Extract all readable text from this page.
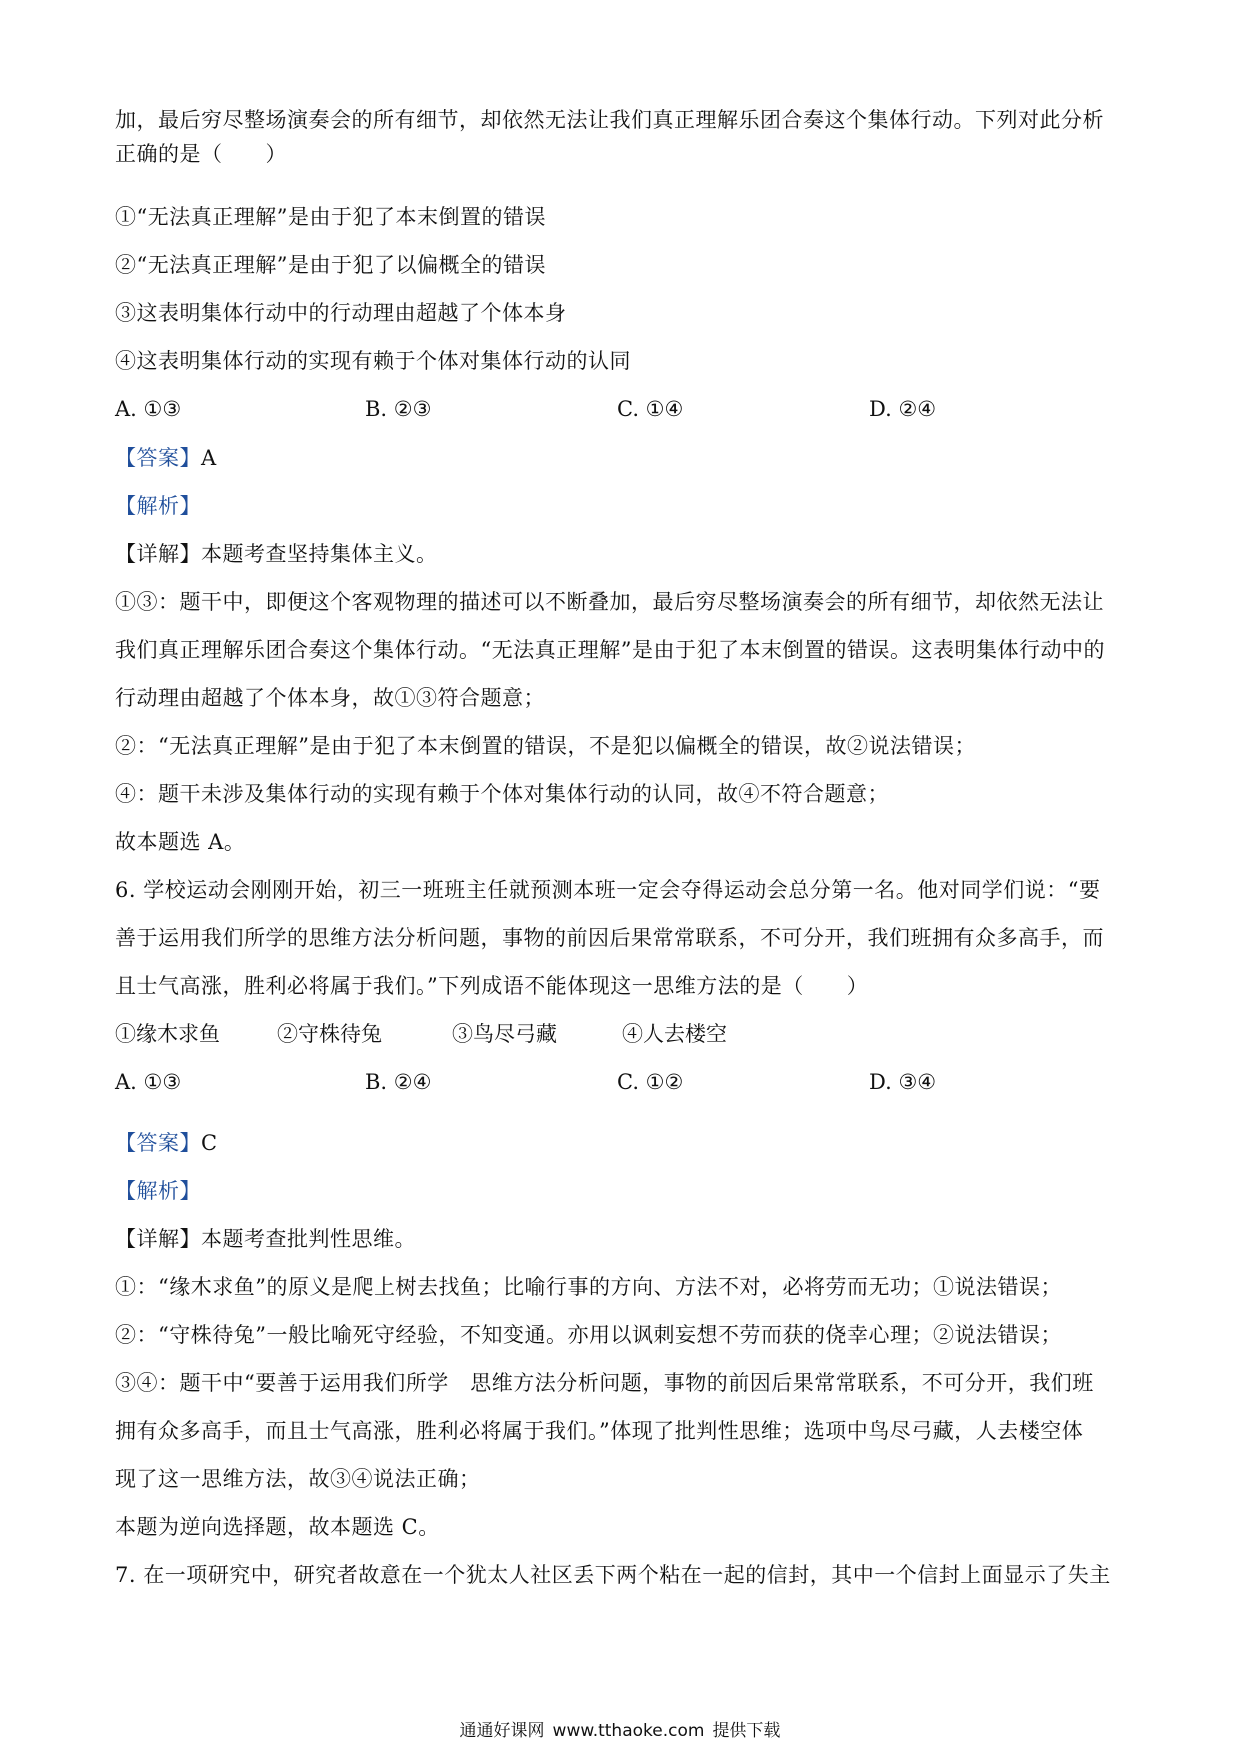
加，最后穷尽整场演奏会的所有细节，却依然无法让我们真正理解乐团合奏这个集体行动。下列对此分析
正确的是（　　）
①“无法真正理解”是由于犯了本末倒置的错误
②“无法真正理解”是由于犯了以偏概全的错误
③这表明集体行动中的行动理由超越了个体本身
④这表明集体行动的实现有赖于个体对集体行动的认同
A. ①③	B. ②③	C. ①④	D. ②④
【答案】A
【解析】
【详解】本题考查坚持集体主义。
①③：题干中，即便这个客观物理的描述可以不断叠加，最后穷尽整场演奏会的所有细节，却依然无法让
我们真正理解乐团合奏这个集体行动。“无法真正理解”是由于犯了本末倒置的错误。这表明集体行动中的
行动理由超越了个体本身，故①③符合题意；
②：“无法真正理解”是由于犯了本末倒置的错误，不是犯以偏概全的错误，故②说法错误；
④：题干未涉及集体行动的实现有赖于个体对集体行动的认同，故④不符合题意；
故本题选 A。
6. 学校运动会刚刚开始，初三一班班主任就预测本班一定会夺得运动会总分第一名。他对同学们说：“要
善于运用我们所学的思维方法分析问题，事物的前因后果常常联系，不可分开，我们班拥有众多高手，而
且士气高涨，胜利必将属于我们。”下列成语不能体现这一思维方法的是（　　）
①缘木求鱼	②守株待兔	③鸟尽弓藏	④人去楼空
A. ①③	B. ②④	C. ①②	D. ③④
【答案】C
【解析】
【详解】本题考查批判性思维。
①：“缘木求鱼”的原义是爬上树去找鱼；比喻行事的方向、方法不对，必将劳而无功；①说法错误；
②：“守株待兔”一般比喻死守经验，不知变通。亦用以讽刺妄想不劳而获的侥幸心理；②说法错误；
③④：题干中“要善于运用我们所学　思维方法分析问题，事物的前因后果常常联系，不可分开，我们班
拥有众多高手，而且士气高涨，胜利必将属于我们。”体现了批判性思维；选项中鸟尽弓藏，人去楼空体
现了这一思维方法，故③④说法正确；
本题为逆向选择题，故本题选 C。
7. 在一项研究中，研究者故意在一个犹太人社区丢下两个粘在一起的信封，其中一个信封上面显示了失主
通通好课网 www.tthaoke.com 提供下载
